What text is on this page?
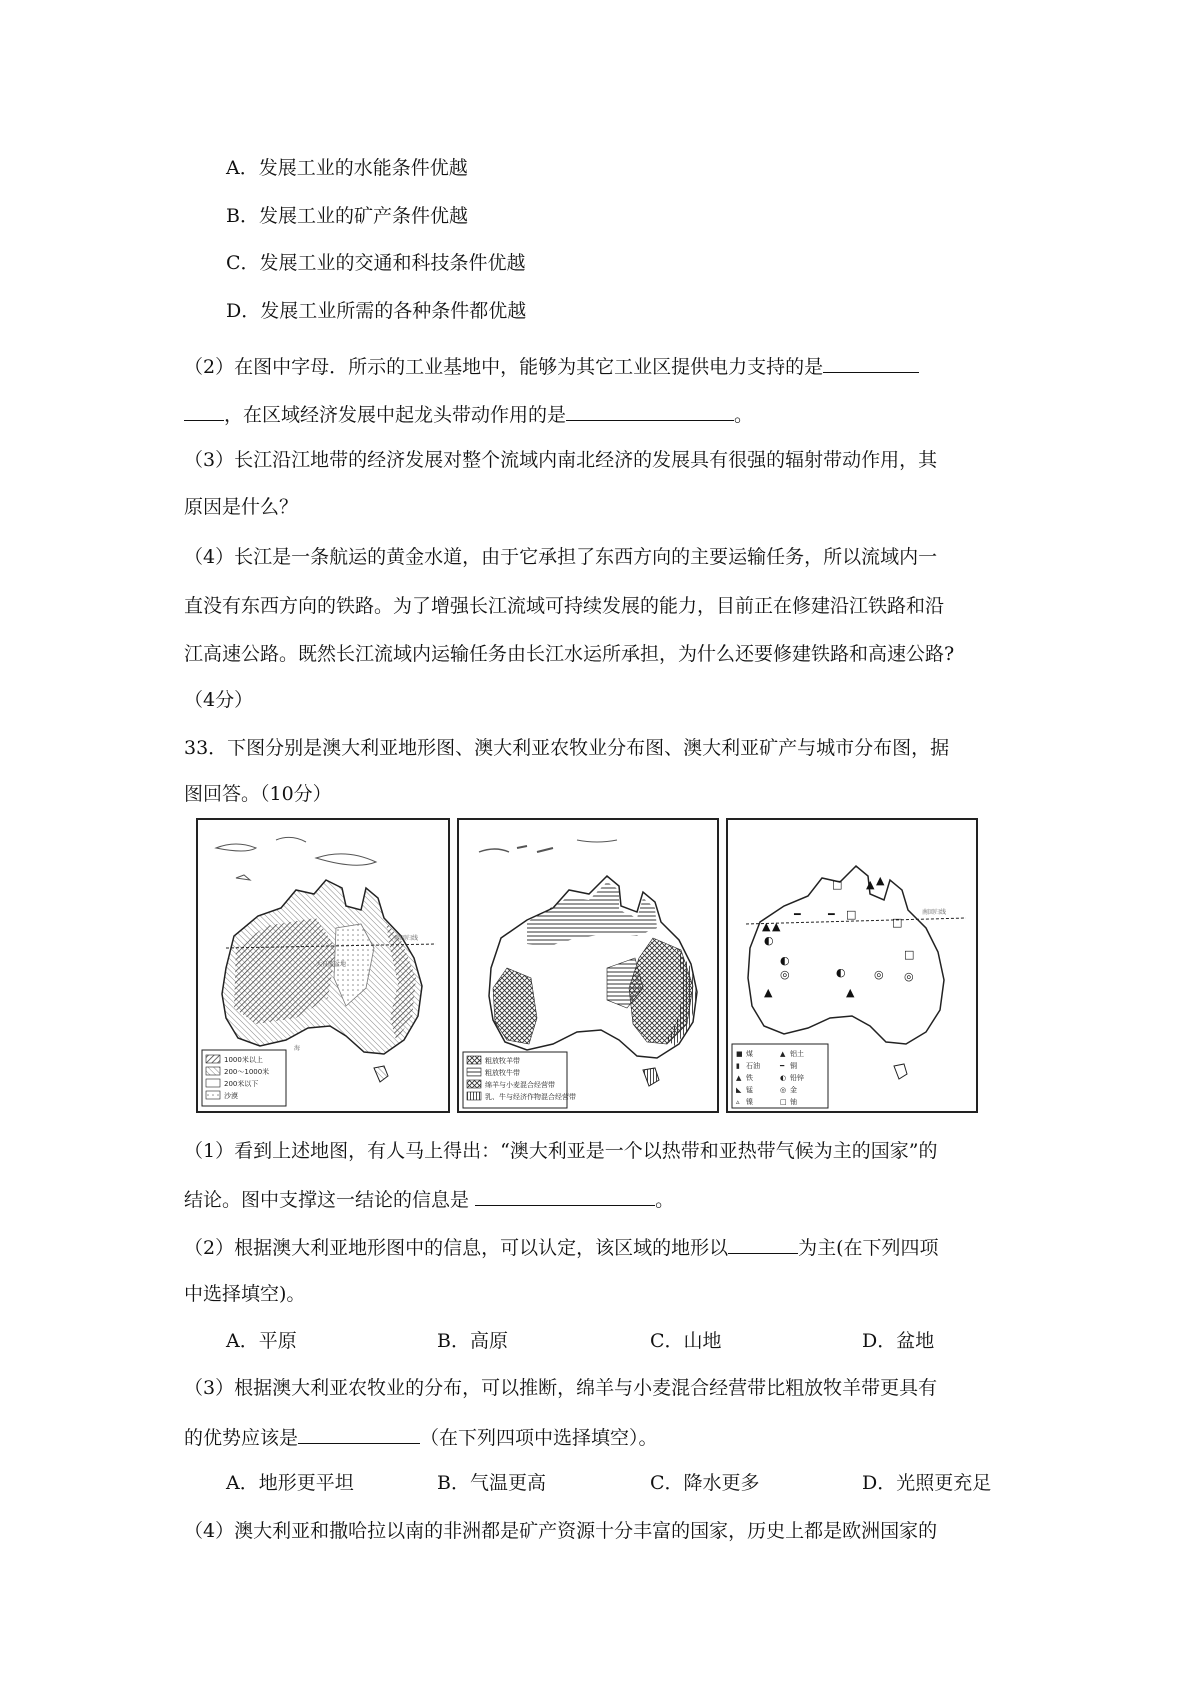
A．发展工业的水能条件优越
B．发展工业的矿产条件优越
C．发展工业的交通和科技条件优越
D．发展工业所需的各种条件都优越
（2）在图中字母．所示的工业基地中，能够为其它工业区提供电力支持的是
，在区域经济发展中起龙头带动作用的是	。
（3）长江沿江地带的经济发展对整个流域内南北经济的发展具有很强的辐射带动作用，其
原因是什么？
（4）长江是一条航运的黄金水道，由于它承担了东西方向的主要运输任务，所以流域内一
直没有东西方向的铁路。为了增强长江流域可持续发展的能力，目前正在修建沿江铁路和沿
江高速公路。既然长江流域内运输任务由长江水运所承担，为什么还要修建铁路和高速公路?
（4分）
33．下图分别是澳大利亚地形图、澳大利亚农牧业分布图、澳大利亚矿产与城市分布图，据
图回答。（10分）
南回归线
大自流盆地
海
1000米以上
200～1000米
200米以下
沙漠
粗放牧羊带
粗放牧牛带
绵羊与小麦混合经营带
乳、牛与经济作物混合经营带
南回归线
□ ▲ ▲
━ ━ □
▲ ▲
◐
□
◐
◎	◐	◎
□
◎
▲	▲
■ 煤	▲ 铝土
▮ 石油	━ 铜
▲ 铁	◐ 铅锌
◣ 锰	◎ 金
▵ 镍	□ 铀
（1）看到上述地图，有人马上得出：“澳大利亚是一个以热带和亚热带气候为主的国家”的
结论。图中支撑这一结论的信息是	。
（2）根据澳大利亚地形图中的信息，可以认定，该区域的地形以	为主(在下列四项
中选择填空)。
A．平原	B．高原	C．山地	D．盆地
（3）根据澳大利亚农牧业的分布，可以推断，绵羊与小麦混合经营带比粗放牧羊带更具有
的优势应该是	（在下列四项中选择填空）。
A．地形更平坦	B．气温更高	C．降水更多	D．光照更充足
（4）澳大利亚和撒哈拉以南的非洲都是矿产资源十分丰富的国家，历史上都是欧洲国家的
